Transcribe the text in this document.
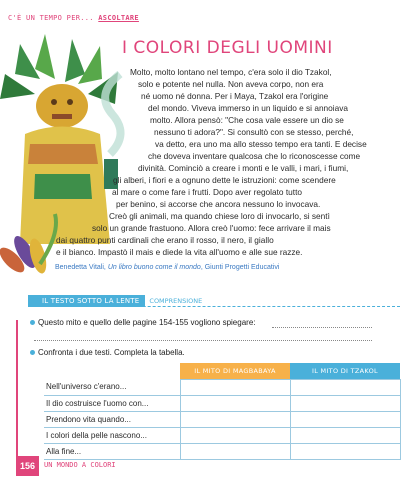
C'È UN TEMPO PER... ASCOLTARE
I COLORI DEGLI UOMINI
Molto, molto lontano nel tempo, c'era solo il dio Tzakol,
solo e potente nel nulla. Non aveva corpo, non era
né uomo né donna. Per i Maya, Tzakol era l'origine
del mondo. Viveva immerso in un liquido e si annoiava
molto. Allora pensò: "Che cosa vale essere un dio se
nessuno ti adora?". Si consultò con se stesso, perché,
va detto, era uno ma allo stesso tempo era tanti. E decise
che doveva inventare qualcosa che lo riconoscesse come
divinità. Cominciò a creare i monti e le valli, i mari, i fiumi,
gli alberi, i fiori e a ognuno dette le istruzioni: come scendere
al mare o come fare i frutti. Dopo aver regolato tutto
per benino, si accorse che ancora nessuno lo invocava.
Creò gli animali, ma quando chiese loro di invocarlo, si sentì
solo un grande frastuono. Allora creò l'uomo: fece arrivare il mais
dai quattro punti cardinali che erano il rosso, il nero, il giallo
e il bianco. Impastò il mais e diede la vita all'uomo e alle sue razze.
Benedetta Vitali, Un libro buono come il mondo, Giunti Progetti Educativi
IL TESTO SOTTO LA LENTE	COMPRENSIONE
Questo mito e quello delle pagine 154-155 vogliono spiegare:
Confronta i due testi. Completa la tabella.
	IL MITO DI MAGBABAYA	IL MITO DI TZAKOL
Nell'universo c'erano...		
Il dio costruisce l'uomo con...		
Prendono vita quando...		
I colori della pelle nascono...		
Alla fine...		
156	UN MONDO A COLORI
